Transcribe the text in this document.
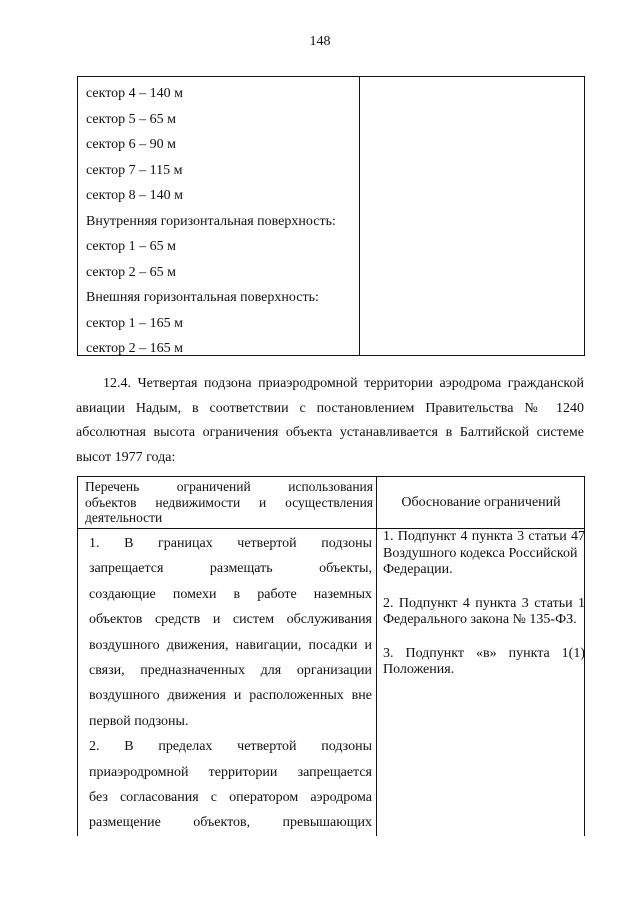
148
сектор 4 – 140 м
сектор 5 – 65 м
сектор 6 – 90 м
сектор 7 – 115 м
сектор 8 – 140 м
Внутренняя горизонтальная поверхность:
сектор 1 – 65 м
сектор 2 – 65 м
Внешняя горизонтальная поверхность:
сектор 1 – 165 м
сектор 2 – 165 м
12.4. Четвертая подзона приаэродромной территории аэродрома гражданской
авиации Надым, в соответствии с постановлением Правительства № 1240
абсолютная высота ограничения объекта устанавливается в Балтийской системе
высот 1977 года:
Перечень ограничений использования
объектов недвижимости и осуществления
деятельности
Обоснование ограничений
1. В границах четвертой подзоны
запрещается размещать объекты,
создающие помехи в работе наземных
объектов средств и систем обслуживания
воздушного движения, навигации, посадки и
связи, предназначенных для организации
воздушного движения и расположенных вне
первой подзоны.
2. В пределах четвертой подзоны
приаэродромной территории запрещается
без согласования с оператором аэродрома
размещение объектов, превышающих
1. Подпункт 4 пункта 3 статьи 47
Воздушного кодекса Российской
Федерации.
2. Подпункт 4 пункта 3 статьи 1
Федерального закона № 135-ФЗ.
3. Подпункт «в» пункта 1(1)
Положения.
